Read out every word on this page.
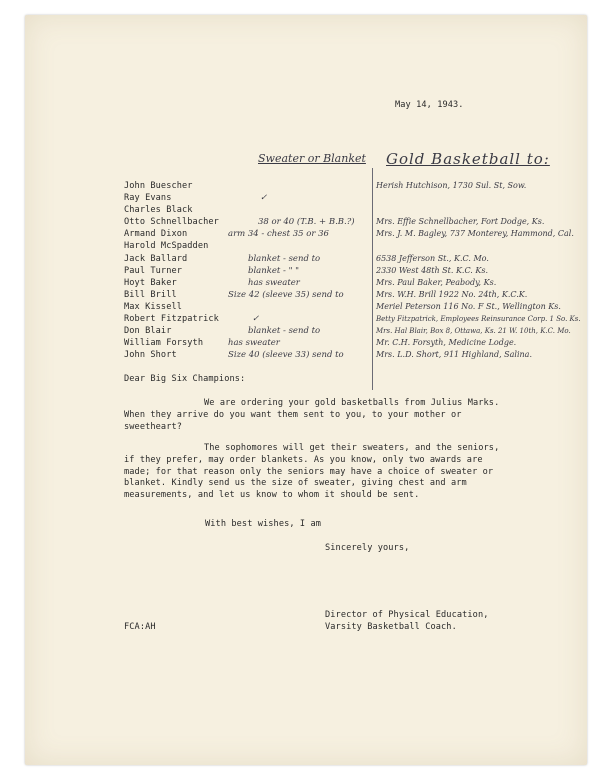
May 14, 1943.
Sweater or Blanket Gold Basketball to:
John Buescher
Ray Evans
Charles Black
Otto Schnellbacher
Armand Dixon
Harold McSpadden
Jack Ballard
Paul Turner
Hoyt Baker
Bill Brill
Max Kissell
Robert Fitzpatrick
Don Blair
William Forsyth
John Short
✓
38 or 40 (T.B. + B.B.?)
arm 34 - chest 35 or 36
blanket - send to
blanket - " "
has sweater
Size 42 (sleeve 35) send to
✓
blanket - send to
has sweater
Size 40 (sleeve 33) send to
Herish Hutchison, 1730 Sul. St, Sow.
Mrs. Effie Schnellbacher, Fort Dodge, Ks.
Mrs. J. M. Bagley, 737 Monterey, Hammond, Cal.
6538 Jefferson St., K.C. Mo.
2330 West 48th St. K.C. Ks.
Mrs. Paul Baker, Peabody, Ks.
Mrs. W.H. Brill 1922 No. 24th, K.C.K.
Meriel Peterson 116 No. F St., Wellington Ks.
Betty Fitzpatrick, Employees Reinsurance Corp. 1 So. Ks.
Mrs. Hal Blair, Box 8, Ottawa, Ks. 21 W. 10th, K.C. Mo.
Mr. C.H. Forsyth, Medicine Lodge.
Mrs. L.D. Short, 911 Highland, Salina.
Dear Big Six Champions:
We are ordering your gold basketballs from Julius Marks. When they arrive do you want them sent to you, to your mother or sweetheart?
The sophomores will get their sweaters, and the seniors, if they prefer, may order blankets. As you know, only two awards are made; for that reason only the seniors may have a choice of sweater or blanket. Kindly send us the size of sweater, giving chest and arm measurements, and let us know to whom it should be sent.
With best wishes, I am
Sincerely yours,
Director of Physical Education,
Varsity Basketball Coach.
FCA:AH
